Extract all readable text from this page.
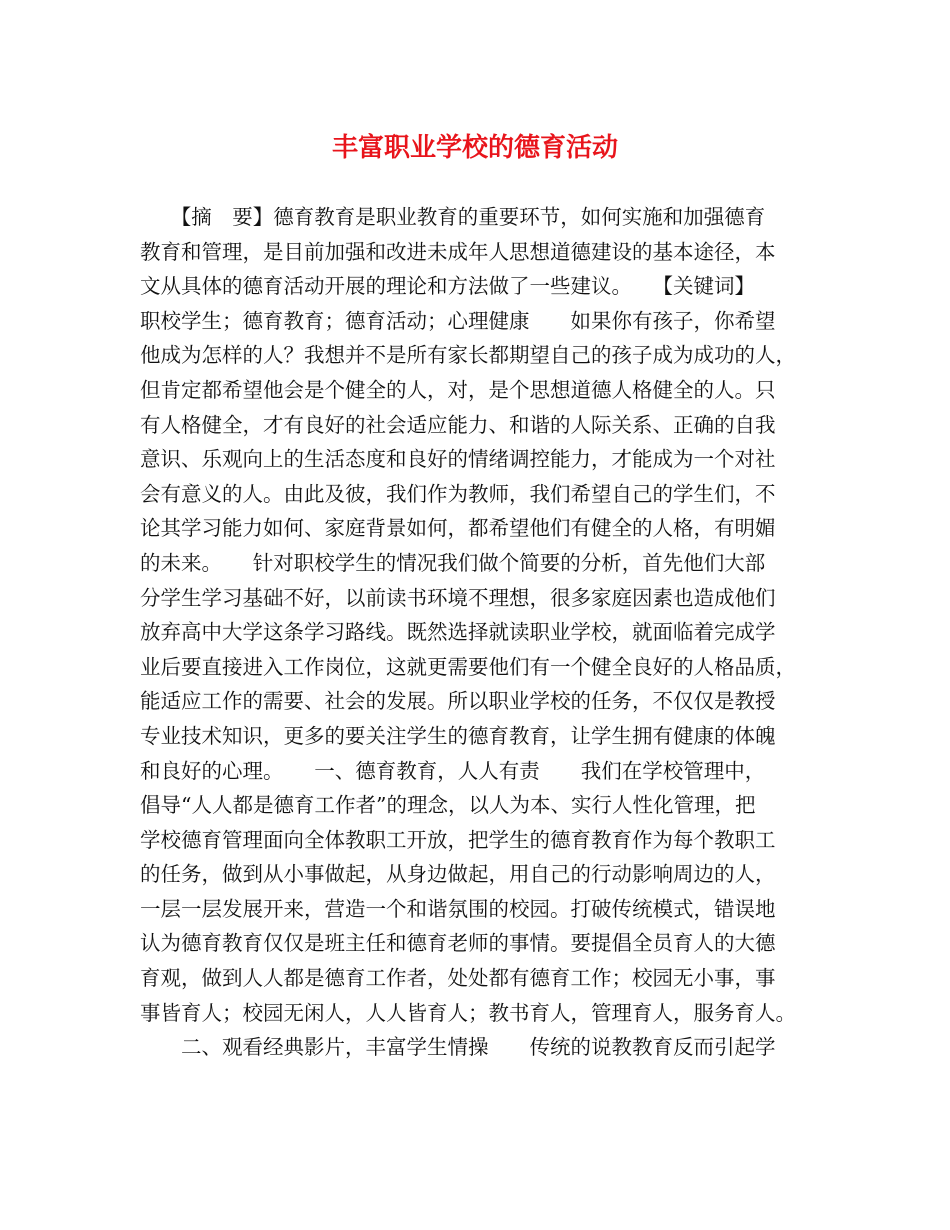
丰富职业学校的德育活动
　　【摘　要】德育教育是职业教育的重要环节，如何实施和加强德育
教育和管理，是目前加强和改进未成年人思想道德建设的基本途径，本
文从具体的德育活动开展的理论和方法做了一些建议。　　【关键词】
职校学生；德育教育；德育活动；心理健康　　如果你有孩子，你希望
他成为怎样的人？我想并不是所有家长都期望自己的孩子成为成功的人，
但肯定都希望他会是个健全的人，对，是个思想道德人格健全的人。只
有人格健全，才有良好的社会适应能力、和谐的人际关系、正确的自我
意识、乐观向上的生活态度和良好的情绪调控能力，才能成为一个对社
会有意义的人。由此及彼，我们作为教师，我们希望自己的学生们，不
论其学习能力如何、家庭背景如何，都希望他们有健全的人格，有明媚
的未来。　　针对职校学生的情况我们做个简要的分析，首先他们大部
分学生学习基础不好，以前读书环境不理想，很多家庭因素也造成他们
放弃高中大学这条学习路线。既然选择就读职业学校，就面临着完成学
业后要直接进入工作岗位，这就更需要他们有一个健全良好的人格品质，
能适应工作的需要、社会的发展。所以职业学校的任务，不仅仅是教授
专业技术知识，更多的要关注学生的德育教育，让学生拥有健康的体魄
和良好的心理。　　一、德育教育，人人有责　　我们在学校管理中，
倡导“人人都是德育工作者”的理念，以人为本、实行人性化管理，把
学校德育管理面向全体教职工开放，把学生的德育教育作为每个教职工
的任务，做到从小事做起，从身边做起，用自己的行动影响周边的人，
一层一层发展开来，营造一个和谐氛围的校园。打破传统模式，错误地
认为德育教育仅仅是班主任和德育老师的事情。要提倡全员育人的大德
育观，做到人人都是德育工作者，处处都有德育工作；校园无小事，事
事皆育人；校园无闲人，人人皆育人；教书育人，管理育人，服务育人。
　　二、观看经典影片，丰富学生情操　　传统的说教教育反而引起学
